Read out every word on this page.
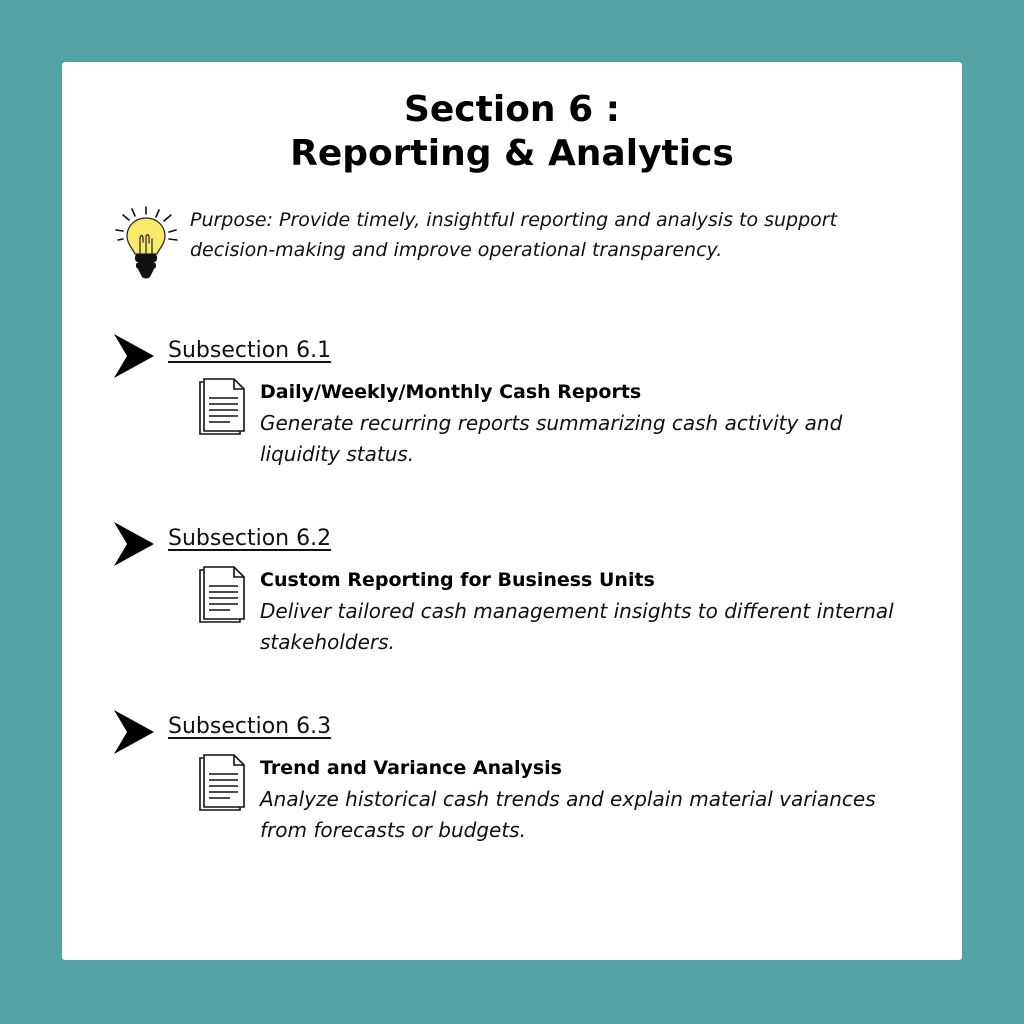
Section 6 :
Reporting & Analytics

Purpose: Provide timely, insightful reporting and analysis to support decision-making and improve operational transparency.

Subsection 6.1
Daily/Weekly/Monthly Cash Reports

Generate recurring reports summarizing cash activity and liquidity status.

Subsection 6.2
Custom Reporting for Business Units

Deliver tailored cash management insights to different internal stakeholders.

Subsection 6.3
Trend and Variance Analysis

Analyze historical cash trends and explain material variances from forecasts or budgets.
